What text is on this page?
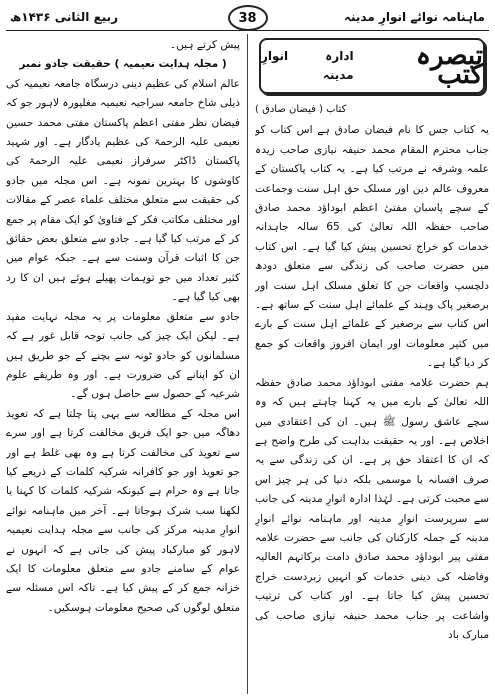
ماہنامہ نوائے انوارِ مدینہ
38
ربیع الثانی ۱۴۳۶ھ
تبصرہ کتب
ادارہ انوارِ مدینہ
کتاب ( فیضان صادق )

یہ کتاب جس کا نام فیضان صادق ہے اس کتاب کو جناب محترم المقام محمد حنیفہ نیازی صاحب زیدہ علمہ وشرفہ نے مرتب کیا ہے۔ یہ کتاب پاکستان کے معروف عالم دین اور مسلک حق اہل سنت وجماعت کے سچے پاسبان مفتیٔ اعظم ابوداؤد محمد صادق صاحب حفظہ اللہ تعالیٰ کی 65 سالہ جاہدانہ خدمات کو خراج تحسین پیش کیا گیا ہے۔ اس کتاب میں حضرت صاحب کی زندگی سے متعلق دودھ دلچسپ واقعات جن کا تعلق مسلک اہل سنت اور برصغیر پاک وہند کے علمائے اہل سنت کے ساتھ ہے۔ اس کتاب سے برصغیر کے علمائے اہل سنت کے بارے میں کثیر معلومات اور ایمان افروز واقعات کو جمع کر دیا گیا ہے۔

ہم حضرت علامہ مفتی ابوداؤد محمد صادق حفظہ اللہ تعالیٰ کے بارے میں یہ کہنا چاہتے ہیں کہ وہ سچے عاشق رسول ﷺ ہیں۔ ان کی اعتقادی میں اخلاص ہے۔ اور یہ حقیقت بداہت کی طرح واضح ہے کہ ان کا اعتقاد حق پر ہے۔ ان کی زندگی سے یہ صرف افسانہ یا موسمی بلکہ دنیا کی ہر چیز اس سے محبت کرتی ہے۔ لہٰذا ادارہ انوارِ مدینہ کی جانب سے سرپرست انوارِ مدینہ اور ماہنامہ نوائے انوارِ مدینہ کے جملہ کارکنان کی جانب سے حضرت علامہ مفتی پیر ابوداؤد محمد صادق دامت برکاتہم العالیہ وفاضلہ کی دینی خدمات کو انہیں زبردست خراج تحسین پیش کیا جاتا ہے۔ اور کتاب کی ترتیب واشاعت پر جناب محمد حنیفہ نیازی صاحب کی مبارک باد

پیش کرتے ہیں۔

( مجلہ ہدایت نعیمیہ ) حقیقت جادو نمبر

عالم اسلام کی عظیم دینی درسگاہ جامعہ نعیمیہ کی ذیلی شاخ جامعہ سراجیہ نعیمیہ مغلپورہ لاہور جو کہ فیضان نظر مفتی اعظم پاکستان مفتی محمد حسین نعیمی علیہ الرحمۃ کی عظیم یادگار ہے۔ اور شہید پاکستان ڈاکٹر سرفراز نعیمی علیہ الرحمۃ کی کاوشوں کا بہترین نمونہ ہے۔ اس مجلہ میں جادو کی حقیقت سے متعلق مختلف علماء عصر کے مقالات اور مختلف مکاتب فکر کے فتاویٰ کو ایک مقام پر جمع کر کے مرتب کیا گیا ہے۔ جادو سے متعلق بعض حقائق جن کا اثبات قرآن وسنت سے ہے۔ جبکہ عوام میں کثیر تعداد میں جو توہمات پھیلے ہوئے ہیں ان کا رد بھی کیا گیا ہے۔

جادو سے متعلق معلومات پر یہ مجلہ نہایت مفید ہے۔ لیکن ایک چیز کی جانب توجہ قابل غور ہے کہ مسلمانوں کو جادو ٹونہ سے بچنے کے جو طریق ہیں ان کو اپنانے کی ضرورت ہے۔ اور وہ طریقے علوم شرعیہ کے حصول سے حاصل ہوں گے۔

اس مجلہ کے مطالعہ سے یہی پتا چلتا ہے کہ تعویذ دھاگہ میں جو ایک فریق مخالفت کرتا ہے اور سرے سے تعویذ کی مخالفت کرتا ہے وہ بھی غلط ہے اور جو تعویذ اور جو کافرانہ شرکیہ کلمات کے ذریعے کیا جاتا ہے وہ حرام ہے کیونکہ شرکیہ کلمات کا کہنا یا لکھنا سب شرک ہوجاتا ہے۔ آخر میں ماہنامہ نوائے انوارِ مدینہ مرکز کی جانب سے مجلہ ہدایت نعیمیہ لاہور کو مبارکباد پیش کی جاتی ہے کہ انہوں نے عوام کے سامنے جادو سے متعلق معلومات کا ایک خزانہ جمع کر کے پیش کیا ہے۔ تاکہ اس مسئلہ سے متعلق لوگوں کی صحیح معلومات ہوسکیں۔
